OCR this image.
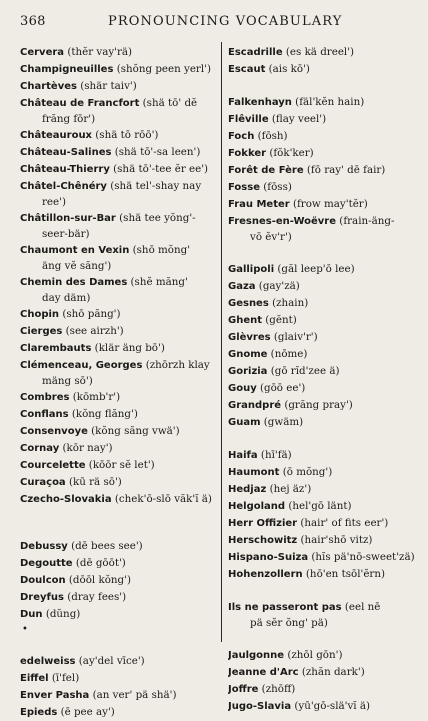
368	PRONOUNCING VOCABULARY
Cervera (thĕr vay'rä)
Champigneuilles (shŏng peen yerl')
Chartèves (shär taiv')
Château de Francfort (shä tō' dĕ
frăng fōr')
Châteauroux (shä tō rōō')
Château-Salines (shä tō'-sa leen')
Château-Thierry (shä tō'-tee ĕr ee')
Châtel-Chênéry (shä tel'-shay nay
ree')
Châtillon-sur-Bar (shä tee yŏng'-
seer-bär)
Chaumont en Vexin (shō mŏng'
äng vĕ săng')
Chemin des Dames (shĕ măng'
day däm)
Chopin (shō păng')
Cierges (see airzh')
Clarembauts (klär äng bō')
Clémenceau, Georges (zhōrzh klay
mäng sō')
Combres (kōmb'r')
Conflans (kŏng flăng')
Consenvoye (kŏng săng vwä')
Cornay (kōr nay')
Courcelette (kōōr sĕ let')
Curaçoa (kū rä sō')
Czecho-Slovakia (chek'ō-slō văk'ĭ ä)
Debussy (dē bees see')
Degoutte (dē gōōt')
Doulcon (dōōl kŏng')
Dreyfus (dray fees')
Dun (dŭng)
•
edelweiss (ay'del vīce')
Eiffel (ī'fel)
Enver Pasha (an ver' pä shä')
Epieds (ē pee ay')
Escadrille (es kä dreel')
Escaut (ais kō')
Falkenhayn (fäl'kĕn hain)
Flêville (flay veel')
Foch (fōsh)
Fokker (fŏk'ker)
Forêt de Fère (fō ray' dē fair)
Fosse (fōss)
Frau Meter (frow may'tĕr)
Fresnes-en-Woëvre (frain-äng-
vō ĕv'r')
Gallipoli (găl leep'ō lee)
Gaza (gay'zä)
Gesnes (zhain)
Ghent (gĕnt)
Glèvres (glaiv'r')
Gnome (nōme)
Gorizia (gō rĭd'zee ä)
Gouy (gōō ee')
Grandpré (grăng pray')
Guam (gwäm)
Haifa (hī'fä)
Haumont (ō mŏng')
Hedjaz (hej äz')
Helgoland (hel'gō länt)
Herr Offizier (hair' of fits eer')
Herschowitz (hair'shō vitz)
Hispano-Suiza (hĭs pä'nō-sweet'zä)
Hohenzollern (hō'en tsōl'ĕrn)
Ils ne passeront pas (eel nē
pä sĕr ŏng' pä)
Jaulgonne (zhōl gōn')
Jeanne d'Arc (zhăn dark')
Joffre (zhōff)
Jugo-Slavia (yū'gō-slä'vĭ ä)
